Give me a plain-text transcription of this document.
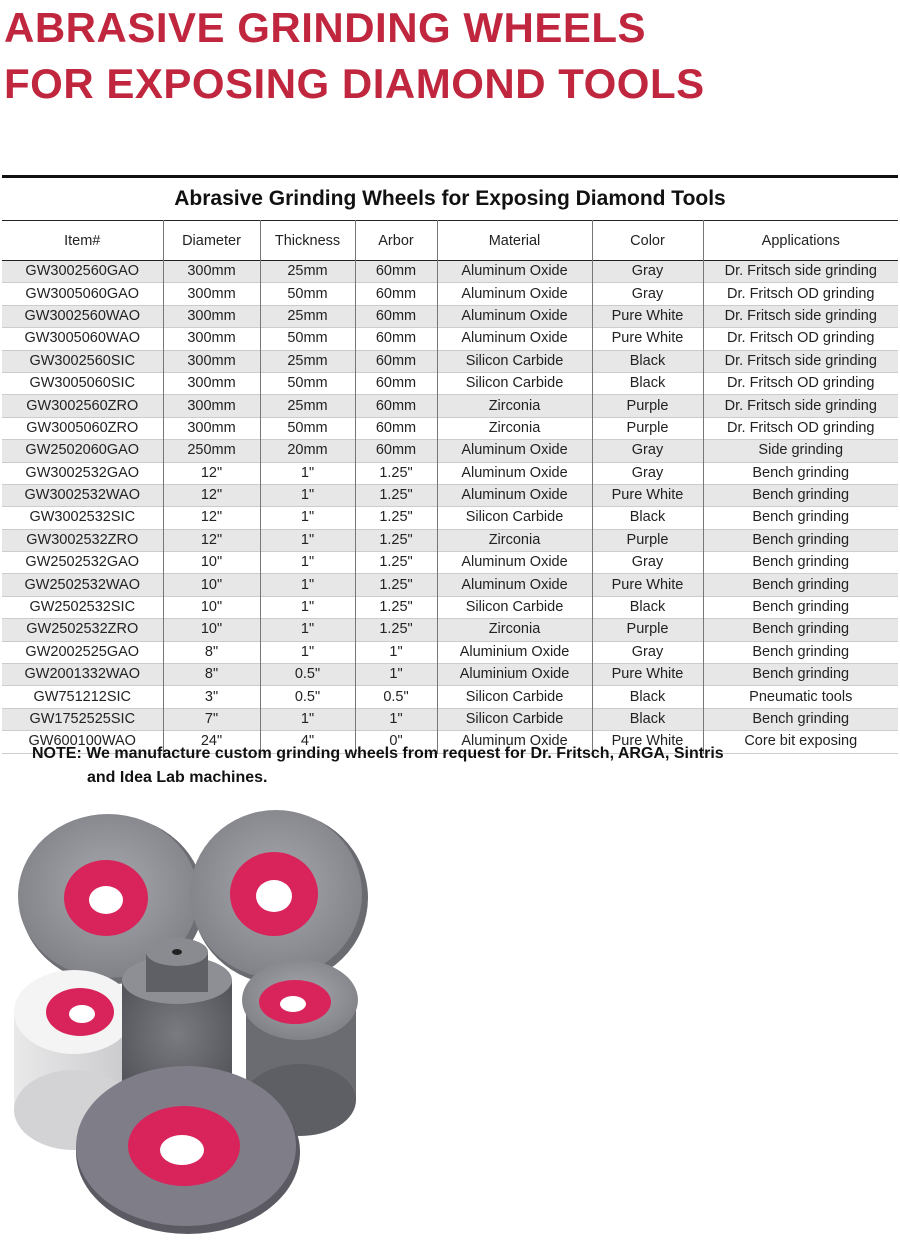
ABRASIVE GRINDING WHEELS
FOR EXPOSING DIAMOND TOOLS
Abrasive Grinding Wheels for Exposing Diamond Tools
Item#	Diameter	Thickness	Arbor	Material	Color	Applications
GW3002560GAO	300mm	25mm	60mm	Aluminum Oxide	Gray	Dr. Fritsch side grinding
GW3005060GAO	300mm	50mm	60mm	Aluminum Oxide	Gray	Dr. Fritsch OD grinding
GW3002560WAO	300mm	25mm	60mm	Aluminum Oxide	Pure White	Dr. Fritsch side grinding
GW3005060WAO	300mm	50mm	60mm	Aluminum Oxide	Pure White	Dr. Fritsch OD grinding
GW3002560SIC	300mm	25mm	60mm	Silicon Carbide	Black	Dr. Fritsch side grinding
GW3005060SIC	300mm	50mm	60mm	Silicon Carbide	Black	Dr. Fritsch OD grinding
GW3002560ZRO	300mm	25mm	60mm	Zirconia	Purple	Dr. Fritsch side grinding
GW3005060ZRO	300mm	50mm	60mm	Zirconia	Purple	Dr. Fritsch OD grinding
GW2502060GAO	250mm	20mm	60mm	Aluminum Oxide	Gray	Side grinding
GW3002532GAO	12"	1"	1.25"	Aluminum Oxide	Gray	Bench grinding
GW3002532WAO	12"	1"	1.25"	Aluminum Oxide	Pure White	Bench grinding
GW3002532SIC	12"	1"	1.25"	Silicon Carbide	Black	Bench grinding
GW3002532ZRO	12"	1"	1.25"	Zirconia	Purple	Bench grinding
GW2502532GAO	10"	1"	1.25"	Aluminum Oxide	Gray	Bench grinding
GW2502532WAO	10"	1"	1.25"	Aluminum Oxide	Pure White	Bench grinding
GW2502532SIC	10"	1"	1.25"	Silicon Carbide	Black	Bench grinding
GW2502532ZRO	10"	1"	1.25"	Zirconia	Purple	Bench grinding
GW2002525GAO	8"	1"	1"	Aluminium Oxide	Gray	Bench grinding
GW2001332WAO	8"	0.5"	1"	Aluminium Oxide	Pure White	Bench grinding
GW751212SIC	3"	0.5"	0.5"	Silicon Carbide	Black	Pneumatic tools
GW1752525SIC	7"	1"	1"	Silicon Carbide	Black	Bench grinding
GW600100WAO	24"	4"	0"	Aluminum Oxide	Pure White	Core bit exposing
NOTE: We manufacture custom grinding wheels from request for Dr. Fritsch, ARGA, Sintris
and Idea Lab machines.
